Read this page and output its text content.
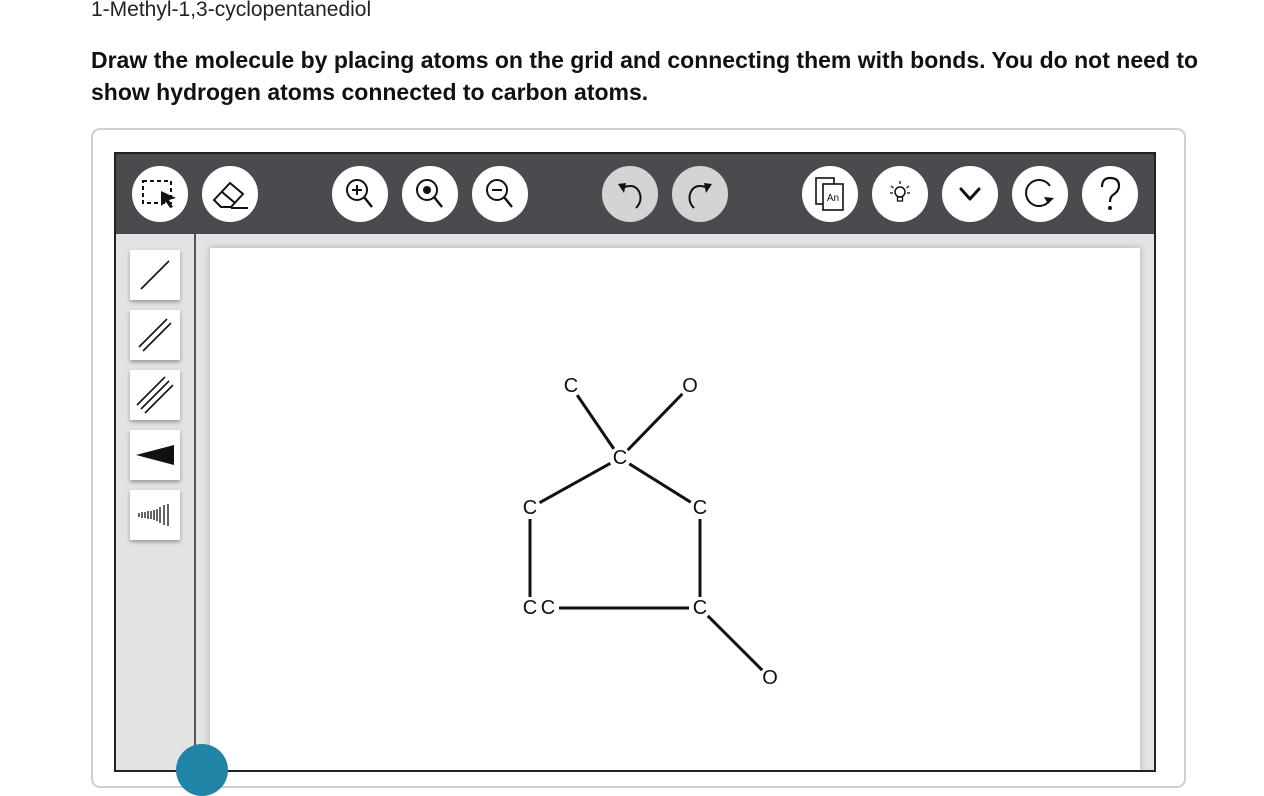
1-Methyl-1,3-cyclopentanediol
Draw the molecule by placing atoms on the grid and connecting them with bonds. You do not need to show hydrogen atoms connected to carbon atoms.
An
C	O
C
C	C
C C	C
O
